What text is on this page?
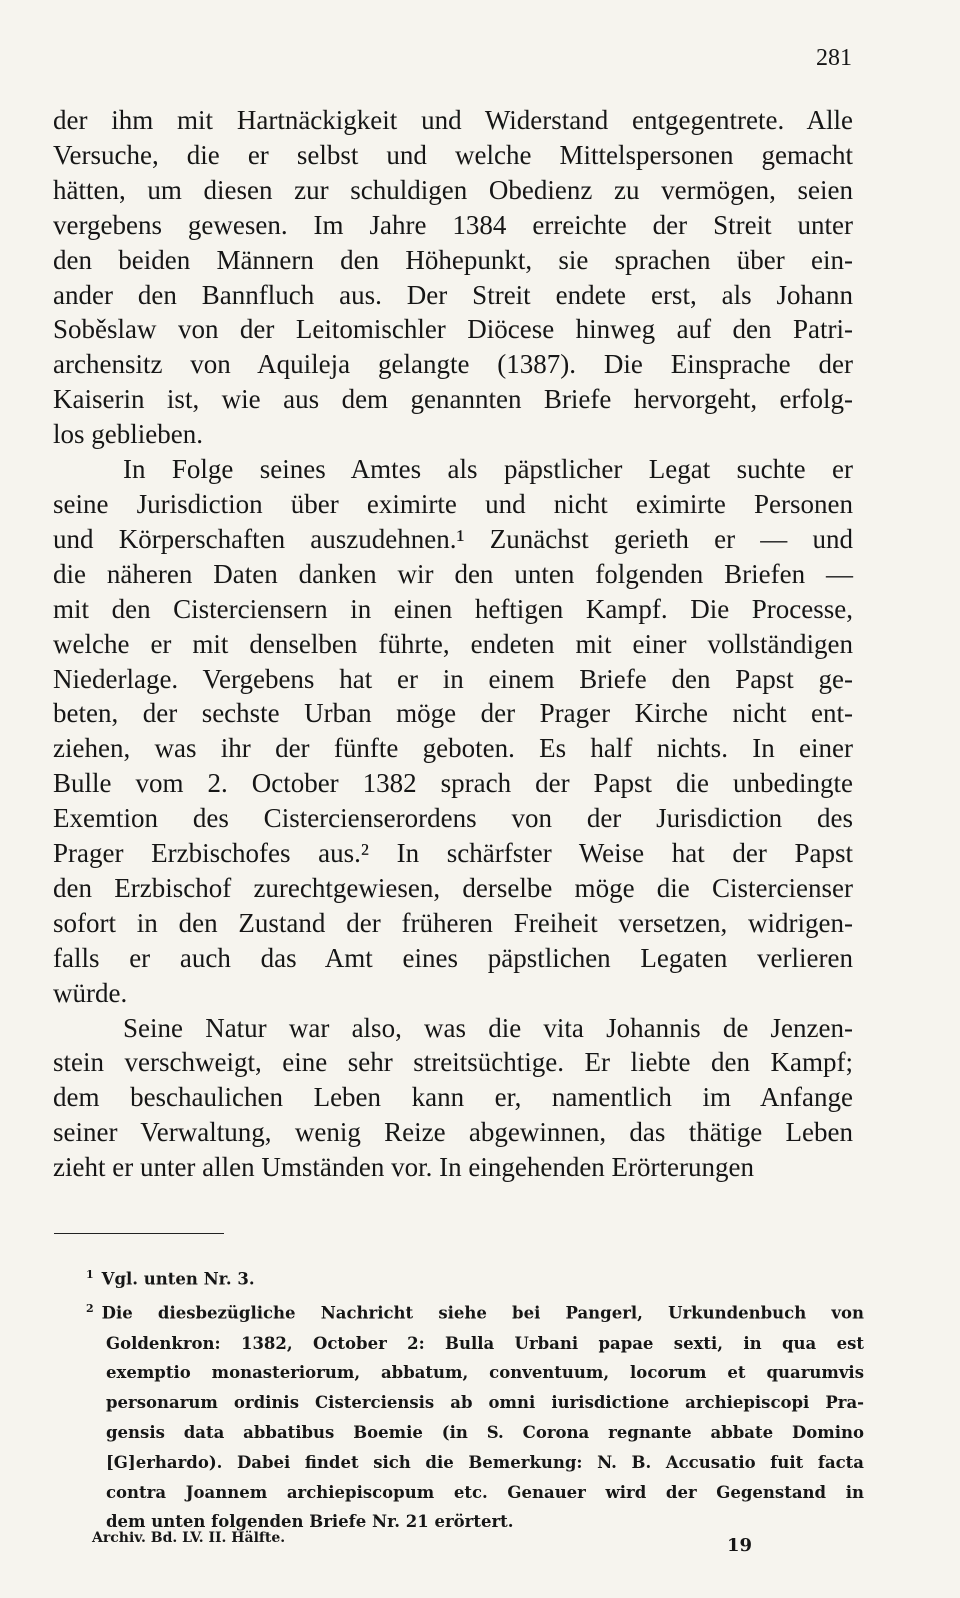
281
der ihm mit Hartnäckigkeit und Widerstand entgegentrete. Alle
Versuche, die er selbst und welche Mittelspersonen gemacht
hätten, um diesen zur schuldigen Obedienz zu vermögen, seien
vergebens gewesen. Im Jahre 1384 erreichte der Streit unter
den beiden Männern den Höhepunkt, sie sprachen über ein-
ander den Bannfluch aus. Der Streit endete erst, als Johann
Soběslaw von der Leitomischler Diöcese hinweg auf den Patri-
archensitz von Aquileja gelangte (1387). Die Einsprache der
Kaiserin ist, wie aus dem genannten Briefe hervorgeht, erfolg-
los geblieben.
In Folge seines Amtes als päpstlicher Legat suchte er
seine Jurisdiction über eximirte und nicht eximirte Personen
und Körperschaften auszudehnen.¹ Zunächst gerieth er — und
die näheren Daten danken wir den unten folgenden Briefen —
mit den Cisterciensern in einen heftigen Kampf. Die Processe,
welche er mit denselben führte, endeten mit einer vollständigen
Niederlage. Vergebens hat er in einem Briefe den Papst ge-
beten, der sechste Urban möge der Prager Kirche nicht ent-
ziehen, was ihr der fünfte geboten. Es half nichts. In einer
Bulle vom 2. October 1382 sprach der Papst die unbedingte
Exemtion des Cistercienserordens von der Jurisdiction des
Prager Erzbischofes aus.² In schärfster Weise hat der Papst
den Erzbischof zurechtgewiesen, derselbe möge die Cistercienser
sofort in den Zustand der früheren Freiheit versetzen, widrigen-
falls er auch das Amt eines päpstlichen Legaten verlieren
würde.
Seine Natur war also, was die vita Johannis de Jenzen-
stein verschweigt, eine sehr streitsüchtige. Er liebte den Kampf;
dem beschaulichen Leben kann er, namentlich im Anfange
seiner Verwaltung, wenig Reize abgewinnen, das thätige Leben
zieht er unter allen Umständen vor. In eingehenden Erörterungen
$^1$ Vgl. unten Nr. 3.
$^2$ Die diesbezügliche Nachricht siehe bei Pangerl, Urkundenbuch von
Goldenkron: 1382, October 2: Bulla Urbani papae sexti, in qua est
exemptio monasteriorum, abbatum, conventuum, locorum et quarumvis
personarum ordinis Cisterciensis ab omni iurisdictione archiepiscopi Pra-
gensis data abbatibus Boemie (in S. Corona regnante abbate Domino
[G]erhardo). Dabei findet sich die Bemerkung: N. B. Accusatio fuit facta
contra Joannem archiepiscopum etc. Genauer wird der Gegenstand in
dem unten folgenden Briefe Nr. 21 erörtert.
Archiv. Bd. LV. II. Hälfte.	19
